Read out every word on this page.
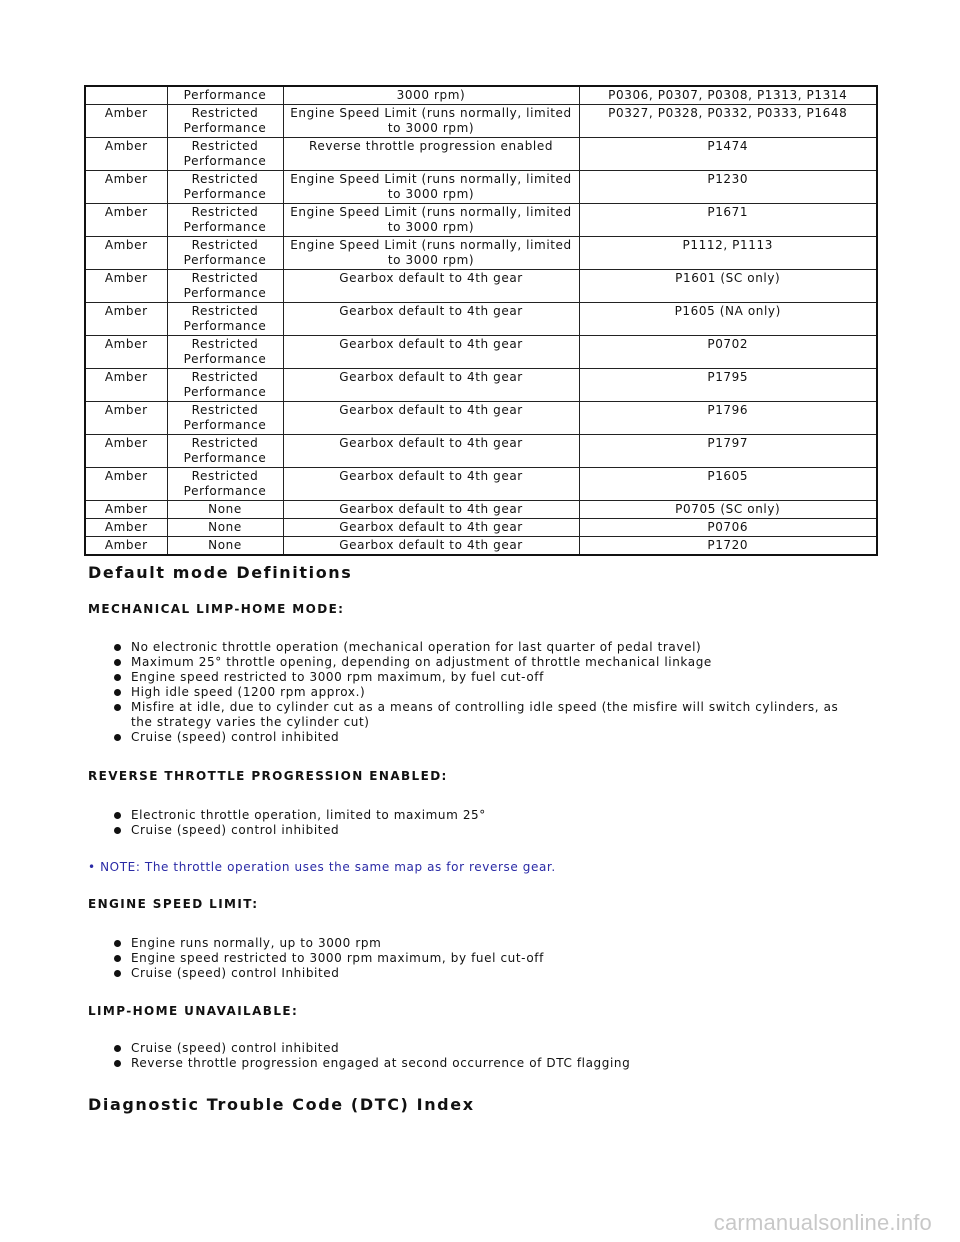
	Performance	3000 rpm)	P0306, P0307, P0308, P1313, P1314
Amber	Restricted Performance	Engine Speed Limit (runs normally, limited to 3000 rpm)	P0327, P0328, P0332, P0333, P1648
Amber	Restricted Performance	Reverse throttle progression enabled	P1474
Amber	Restricted Performance	Engine Speed Limit (runs normally, limited to 3000 rpm)	P1230
Amber	Restricted Performance	Engine Speed Limit (runs normally, limited to 3000 rpm)	P1671
Amber	Restricted Performance	Engine Speed Limit (runs normally, limited to 3000 rpm)	P1112, P1113
Amber	Restricted Performance	Gearbox default to 4th gear	P1601 (SC only)
Amber	Restricted Performance	Gearbox default to 4th gear	P1605 (NA only)
Amber	Restricted Performance	Gearbox default to 4th gear	P0702
Amber	Restricted Performance	Gearbox default to 4th gear	P1795
Amber	Restricted Performance	Gearbox default to 4th gear	P1796
Amber	Restricted Performance	Gearbox default to 4th gear	P1797
Amber	Restricted Performance	Gearbox default to 4th gear	P1605
Amber	None	Gearbox default to 4th gear	P0705 (SC only)
Amber	None	Gearbox default to 4th gear	P0706
Amber	None	Gearbox default to 4th gear	P1720
Default mode Definitions

MECHANICAL LIMP-HOME MODE:

No electronic throttle operation (mechanical operation for last quarter of pedal travel)
Maximum 25° throttle opening, depending on adjustment of throttle mechanical linkage
Engine speed restricted to 3000 rpm maximum, by fuel cut-off
High idle speed (1200 rpm approx.)
Misfire at idle, due to cylinder cut as a means of controlling idle speed (the misfire will switch cylinders, as the strategy varies the cylinder cut)
Cruise (speed) control inhibited

REVERSE THROTTLE PROGRESSION ENABLED:

Electronic throttle operation, limited to maximum 25°
Cruise (speed) control inhibited

• NOTE: The throttle operation uses the same map as for reverse gear.

ENGINE SPEED LIMIT:

Engine runs normally, up to 3000 rpm
Engine speed restricted to 3000 rpm maximum, by fuel cut-off
Cruise (speed) control Inhibited

LIMP-HOME UNAVAILABLE:

Cruise (speed) control inhibited
Reverse throttle progression engaged at second occurrence of DTC flagging
Diagnostic Trouble Code (DTC) Index
carmanualsonline.info
